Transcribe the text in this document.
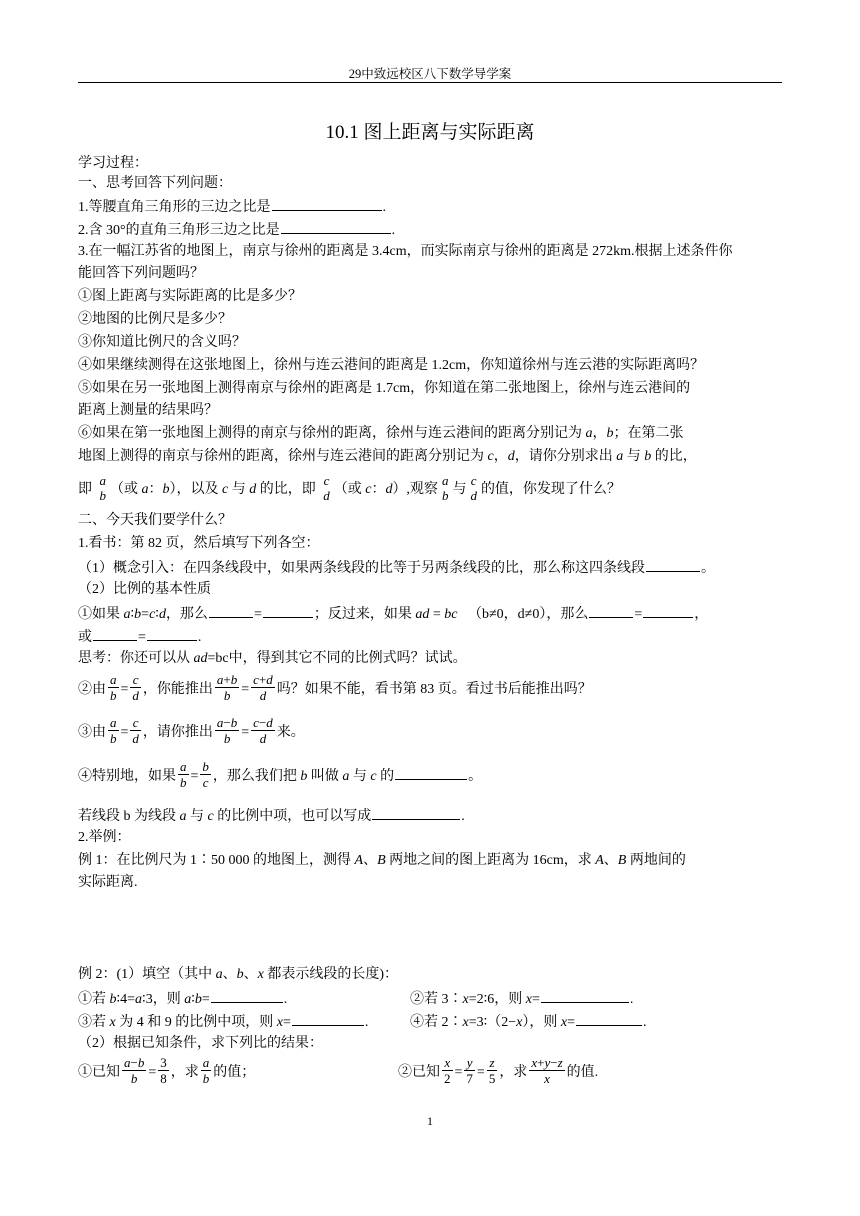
29中致远校区八下数学导学案
10.1 图上距离与实际距离
学习过程：
一、思考回答下列问题：
1.等腰直角三角形的三边之比是	.
2.含 30°的直角三角形三边之比是	.
3.在一幅江苏省的地图上，南京与徐州的距离是 3.4cm，而实际南京与徐州的距离是 272km.根据上述条件你
能回答下列问题吗？
①图上距离与实际距离的比是多少？
②地图的比例尺是多少？
③你知道比例尺的含义吗？
④如果继续测得在这张地图上，徐州与连云港间的距离是 1.2cm，你知道徐州与连云港的实际距离吗？
⑤如果在另一张地图上测得南京与徐州的距离是 1.7cm，你知道在第二张地图上，徐州与连云港间的
距离上测量的结果吗？
⑥如果在第一张地图上测得的南京与徐州的距离，徐州与连云港间的距离分别记为 a，b；在第二张
地图上测得的南京与徐州的距离，徐州与连云港间的距离分别记为 c，d，请你分别求出 a 与 b 的比，
即
a
b （或 a：b），以及 c 与 d 的比，即
c
d （或 c：d）,观察
a
b 与
c
d 的值，你发现了什么？
二、今天我们要学什么？
1.看书：第 82 页，然后填写下列各空：
（1）概念引入：在四条线段中，如果两条线段的比等于另两条线段的比，那么称这四条线段	。
（2）比例的基本性质
①如果 a∶b=c∶d，那么	=	；反过来，如果 ad = bc （b≠0，d≠0），那么	=	，
或	=	.
思考：你还可以从 ad=bc中，得到其它不同的比例式吗？试试。
②由 $\frac{a}{b} = \frac{c}{d}$ ，你能推出 $\frac{a+b}{b} = \frac{c+d}{d}$ 吗？如果不能，看书第 83 页。看过书后能推出吗？
③由 $\frac{a}{b} = \frac{c}{d}$ ，请你推出 $\frac{a-b}{b} = \frac{c-d}{d}$ 来。
④特别地，如果 $\frac{a}{b} = \frac{b}{c}$ ，那么我们把 b 叫做 a 与 c 的	。
若线段 b 为线段 a 与 c 的比例中项，也可以写成	.
2.举例：
例 1：在比例尺为 1∶50 000 的地图上，测得 A、B 两地之间的图上距离为 16cm，求 A、B 两地间的
实际距离.
例 2：(1）填空（其中 a、b、x 都表示线段的长度)：
①若 b∶4=a∶3，则 a∶b=	.	②若 3∶x=2∶6，则 x=	.
③若 x 为 4 和 9 的比例中项，则 x=	.	④若 2∶x=3∶（2−x），则 x=	.
（2）根据已知条件，求下列比的结果：
①已知 $\frac{a-b}{b} = \frac{3}{8}$ ，求 $\frac{a}{b}$ 的值；	②已知 $\frac{x}{2} = \frac{y}{7} = \frac{z}{5}$ ，求 $\frac{x+y-z}{x}$ 的值.
1
